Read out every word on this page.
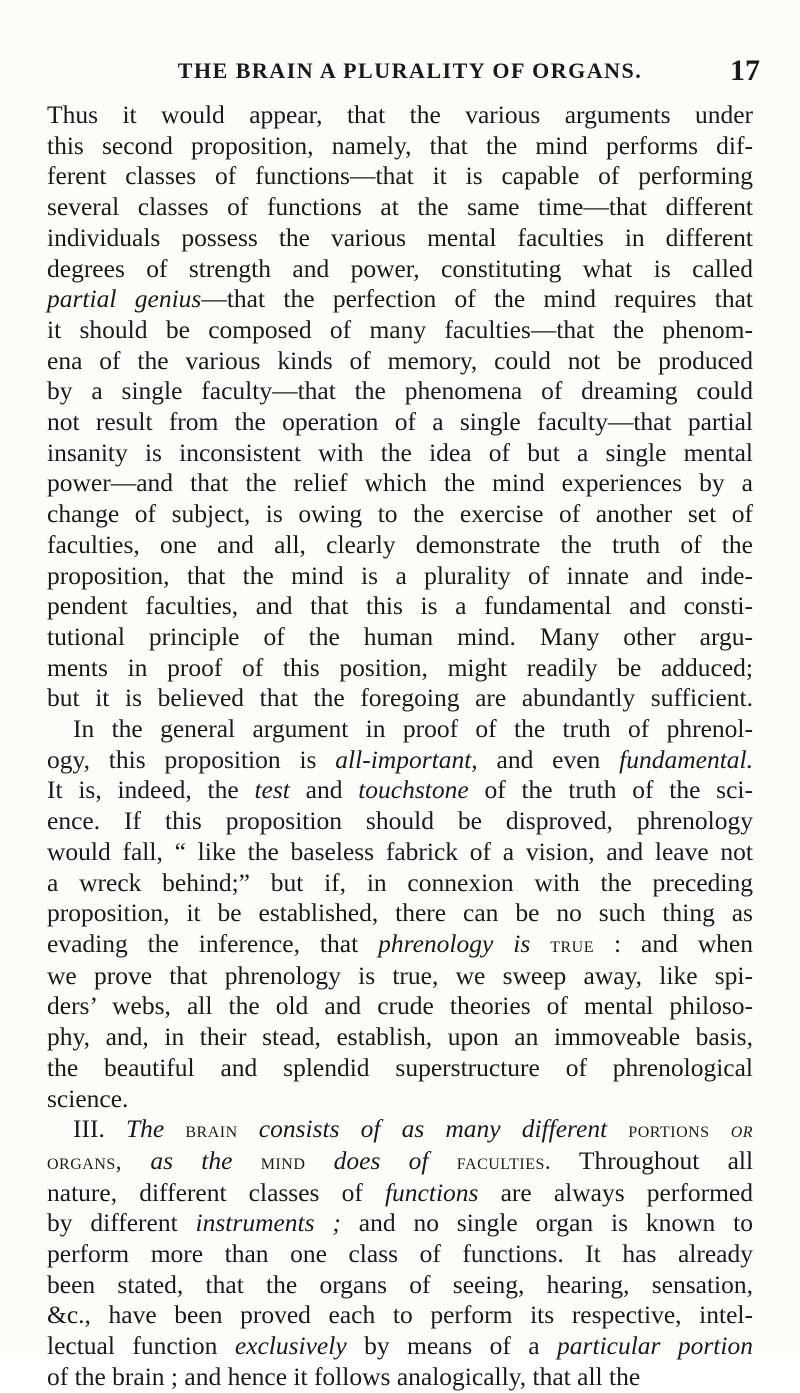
THE BRAIN A PLURALITY OF ORGANS.	17
Thus it would appear, that the various arguments under
this second proposition, namely, that the mind performs dif-
ferent classes of functions—that it is capable of performing
several classes of functions at the same time—that different
individuals possess the various mental faculties in different
degrees of strength and power, constituting what is called
partial genius—that the perfection of the mind requires that
it should be composed of many faculties—that the phenom-
ena of the various kinds of memory, could not be produced
by a single faculty—that the phenomena of dreaming could
not result from the operation of a single faculty—that partial
insanity is inconsistent with the idea of but a single mental
power—and that the relief which the mind experiences by a
change of subject, is owing to the exercise of another set of
faculties, one and all, clearly demonstrate the truth of the
proposition, that the mind is a plurality of innate and inde-
pendent faculties, and that this is a fundamental and consti-
tutional principle of the human mind. Many other argu-
ments in proof of this position, might readily be adduced;
but it is believed that the foregoing are abundantly sufficient.
In the general argument in proof of the truth of phrenol-
ogy, this proposition is all-important, and even fundamental.
It is, indeed, the test and touchstone of the truth of the sci-
ence. If this proposition should be disproved, phrenology
would fall, “ like the baseless fabrick of a vision, and leave not
a wreck behind;” but if, in connexion with the preceding
proposition, it be established, there can be no such thing as
evading the inference, that phrenology is true : and when
we prove that phrenology is true, we sweep away, like spi-
ders’ webs, all the old and crude theories of mental philoso-
phy, and, in their stead, establish, upon an immoveable basis,
the beautiful and splendid superstructure of phrenological
science.
III. The brain consists of as many different portions or
organs, as the mind does of faculties. Throughout all
nature, different classes of functions are always performed
by different instruments ; and no single organ is known to
perform more than one class of functions. It has already
been stated, that the organs of seeing, hearing, sensation,
&c., have been proved each to perform its respective, intel-
lectual function exclusively by means of a particular portion
of the brain ; and hence it follows analogically, that all the
